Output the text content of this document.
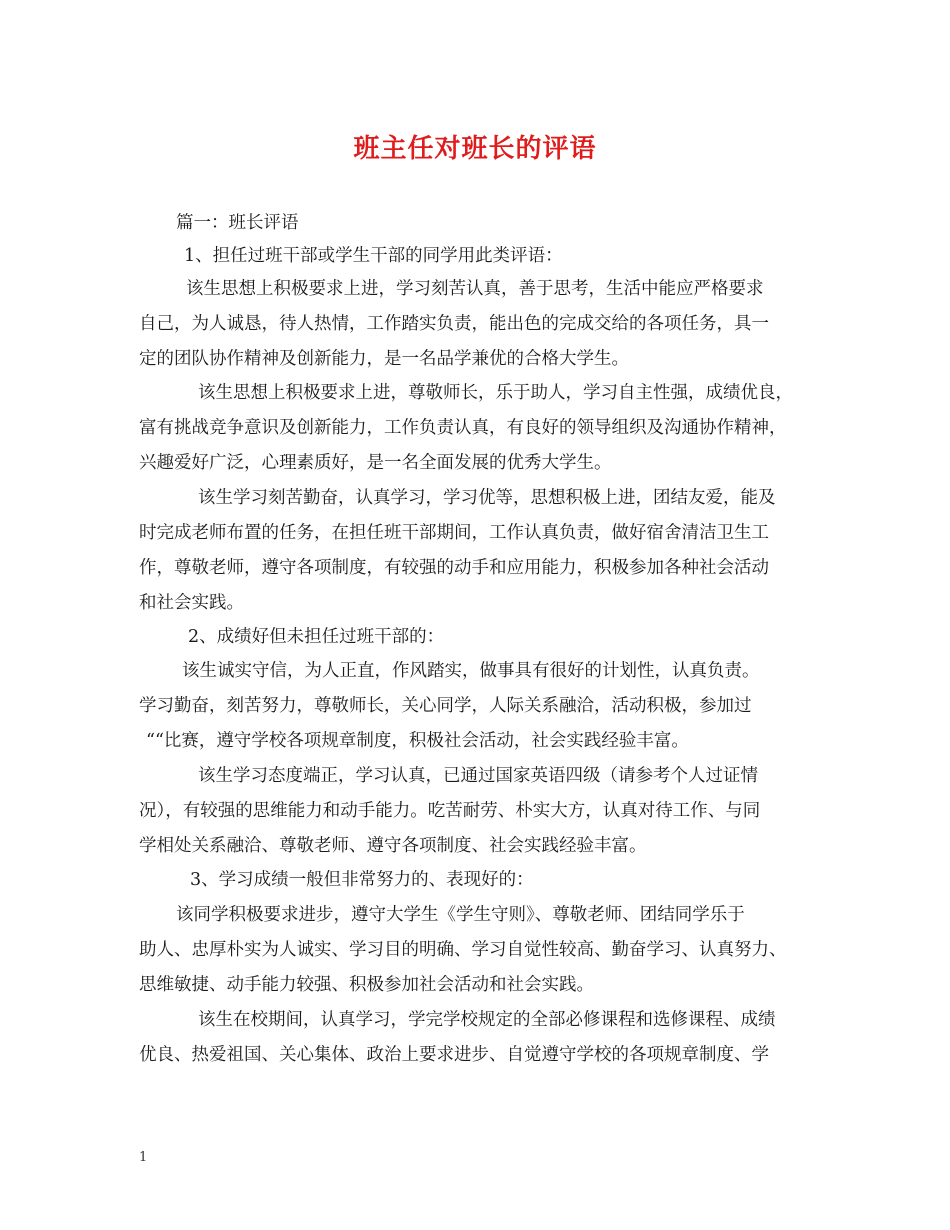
班主任对班长的评语
篇一：班长评语
1、担任过班干部或学生干部的同学用此类评语：
该生思想上积极要求上进，学习刻苦认真，善于思考，生活中能应严格要求
自己，为人诚恳，待人热情，工作踏实负责，能出色的完成交给的各项任务，具一
定的团队协作精神及创新能力，是一名品学兼优的合格大学生。
该生思想上积极要求上进，尊敬师长，乐于助人，学习自主性强，成绩优良，
富有挑战竞争意识及创新能力，工作负责认真，有良好的领导组织及沟通协作精神，
兴趣爱好广泛，心理素质好，是一名全面发展的优秀大学生。
该生学习刻苦勤奋，认真学习，学习优等，思想积极上进，团结友爱，能及
时完成老师布置的任务，在担任班干部期间，工作认真负责，做好宿舍清洁卫生工
作，尊敬老师，遵守各项制度，有较强的动手和应用能力，积极参加各种社会活动
和社会实践。
2、成绩好但未担任过班干部的：
该生诚实守信，为人正直，作风踏实，做事具有很好的计划性，认真负责。
学习勤奋，刻苦努力，尊敬师长，关心同学，人际关系融洽，活动积极，参加过
““比赛，遵守学校各项规章制度，积极社会活动，社会实践经验丰富。
该生学习态度端正，学习认真，已通过国家英语四级（请参考个人过证情
况），有较强的思维能力和动手能力。吃苦耐劳、朴实大方，认真对待工作、与同
学相处关系融洽、尊敬老师、遵守各项制度、社会实践经验丰富。
3、学习成绩一般但非常努力的、表现好的：
该同学积极要求进步，遵守大学生《学生守则》、尊敬老师、团结同学乐于
助人、忠厚朴实为人诚实、学习目的明确、学习自觉性较高、勤奋学习、认真努力、
思维敏捷、动手能力较强、积极参加社会活动和社会实践。
该生在校期间，认真学习，学完学校规定的全部必修课程和选修课程、成绩
优良、热爱祖国、关心集体、政治上要求进步、自觉遵守学校的各项规章制度、学
1
